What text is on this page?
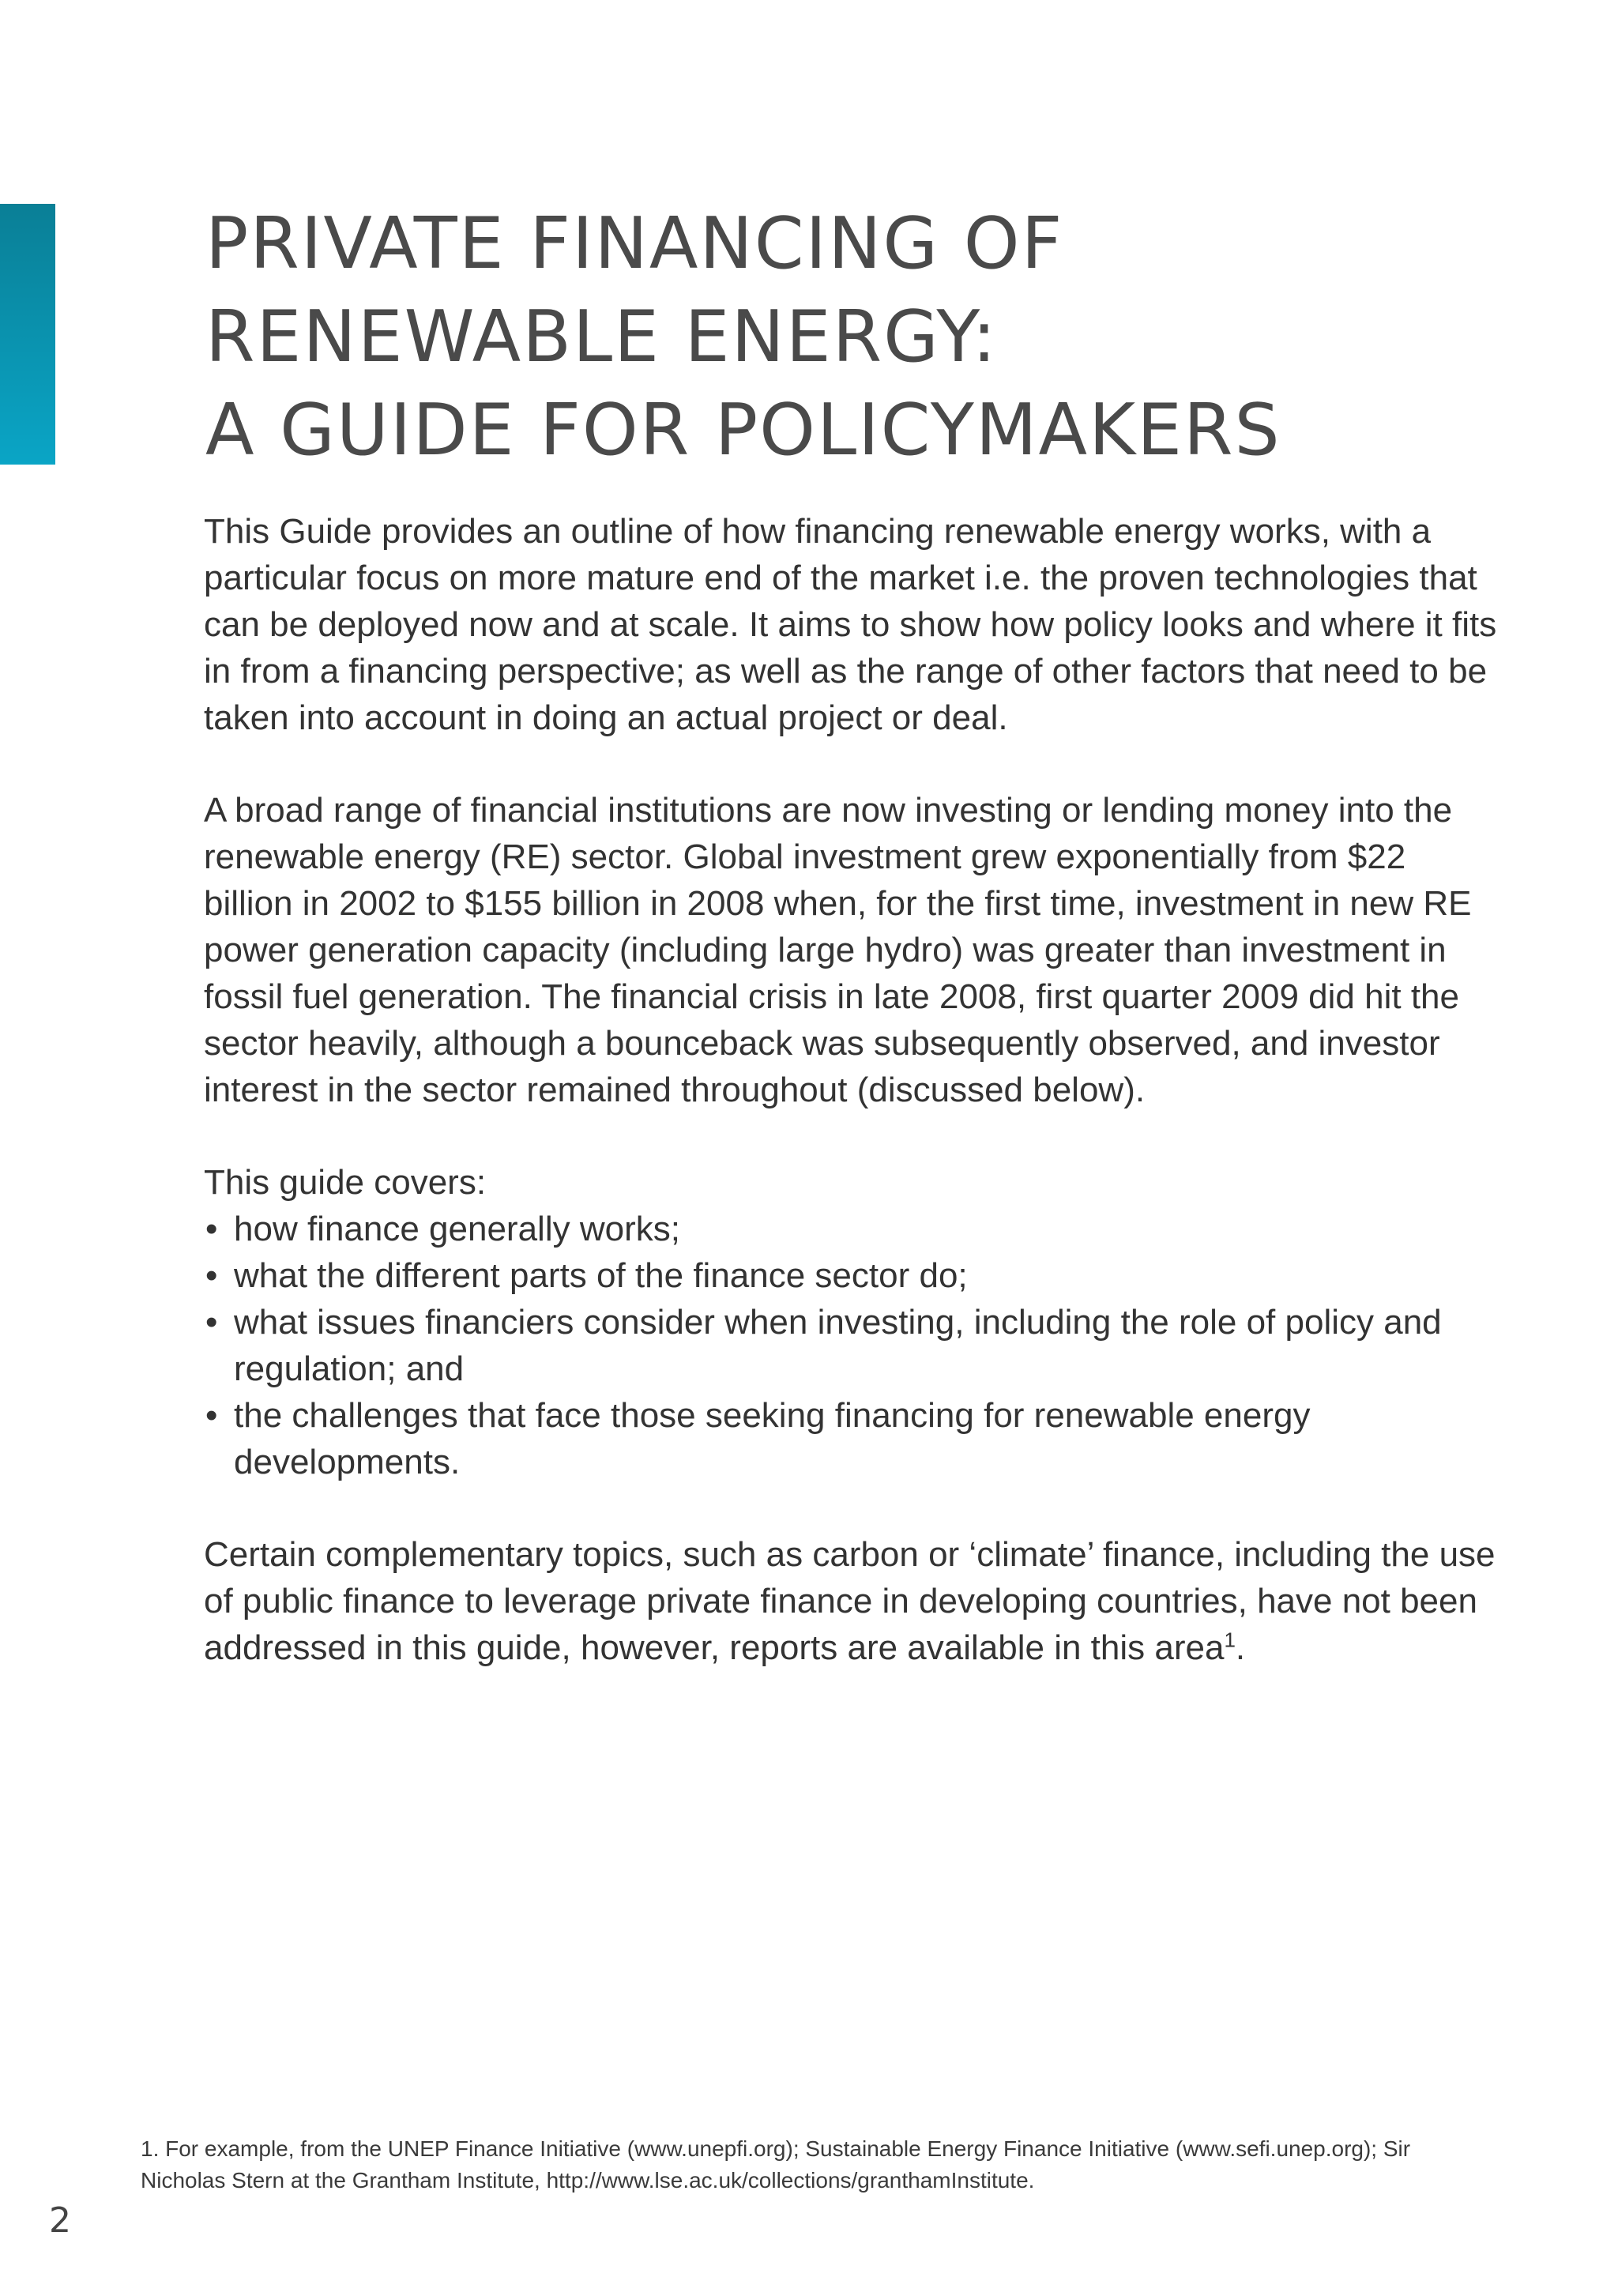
PRIVATE FINANCING OF
RENEWABLE ENERGY:
A GUIDE FOR POLICYMAKERS

This Guide provides an outline of how financing renewable energy works, with a particular focus on more mature end of the market i.e. the proven technologies that can be deployed now and at scale. It aims to show how policy looks and where it fits in from a financing perspective; as well as the range of other factors that need to be taken into account in doing an actual project or deal.

A broad range of financial institutions are now investing or lending money into the renewable energy (RE) sector. Global investment grew exponentially from $22 billion in 2002 to $155 billion in 2008 when, for the first time, investment in new RE power generation capacity (including large hydro) was greater than investment in fossil fuel generation. The financial crisis in late 2008, first quarter 2009 did hit the sector heavily, although a bounceback was subsequently observed, and investor interest in the sector remained throughout (discussed below).

This guide covers:

• how finance generally works;
• what the different parts of the finance sector do;
• what issues financiers consider when investing, including the role of policy and regulation; and
• the challenges that face those seeking financing for renewable energy developments.

Certain complementary topics, such as carbon or ‘climate’ finance, including the use of public finance to leverage private finance in developing countries, have not been addressed in this guide, however, reports are available in this area$^1$.

1. For example, from the UNEP Finance Initiative (www.unepfi.org); Sustainable Energy Finance Initiative (www.sefi.unep.org); Sir Nicholas Stern at the Grantham Institute, http://www.lse.ac.uk/collections/granthamInstitute.
2
